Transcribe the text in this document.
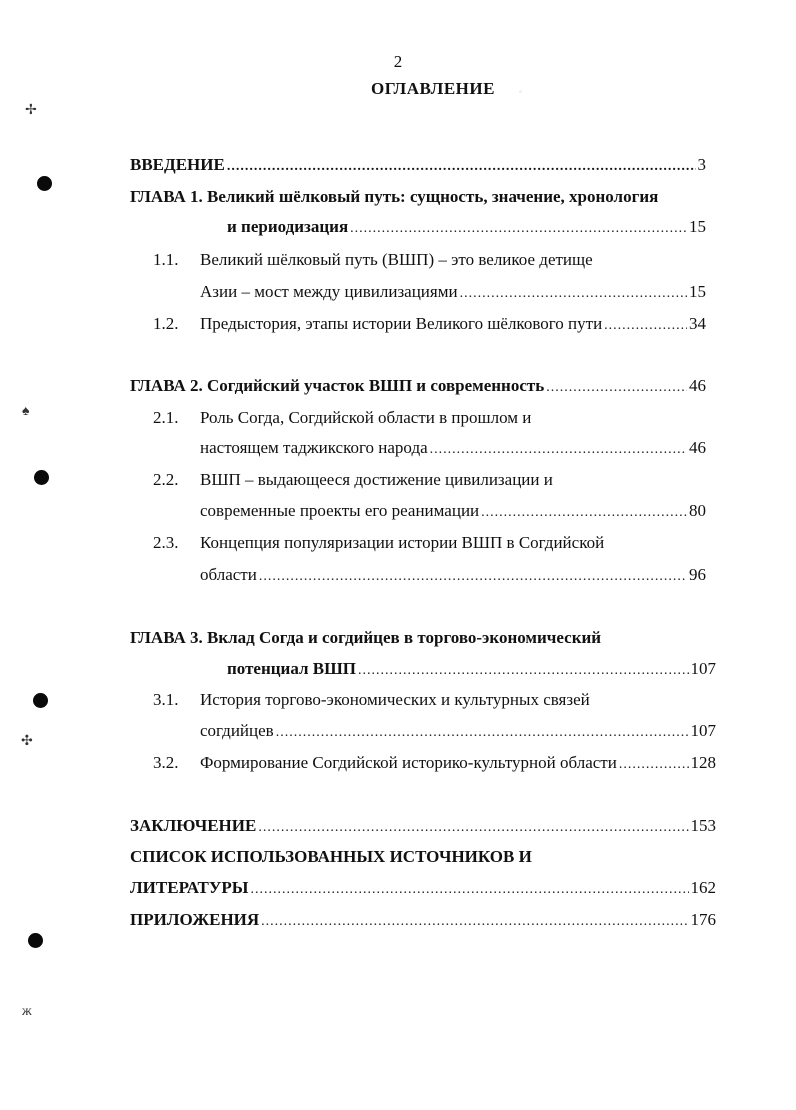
2
ОГЛАВЛЕНИЕ
✢
♠
✣
ж
◦
ВВЕДЕНИЕ .....	3
ГЛАВА 1. Великий шёлковый путь: сущность, значение, хронология
и периодизация .....	15
1.1. Великий шёлковый путь (ВШП) – это великое детище
Азии – мост между цивилизациями .....	15
1.2.	Предыстория, этапы истории Великого шёлкового пути .....	34
ГЛАВА 2. Согдийский участок ВШП и современность .....	46
2.1. Роль Согда, Согдийской области в прошлом и
настоящем таджикского народа .....	46
2.2. ВШП – выдающееся достижение цивилизации и
современные проекты его реанимации .....	80
2.3. Концепция популяризации истории ВШП в Согдийской
области .....	96
ГЛАВА 3. Вклад Согда и согдийцев в торгово-экономический
потенциал ВШП .....	107
3.1. История торгово-экономических и культурных связей
согдийцев .....	107
3.2.	Формирование Согдийской историко-культурной области .....	128
ЗАКЛЮЧЕНИЕ .....	153
СПИСОК ИСПОЛЬЗОВАННЫХ ИСТОЧНИКОВ И
ЛИТЕРАТУРЫ .....	162
ПРИЛОЖЕНИЯ .....	176
